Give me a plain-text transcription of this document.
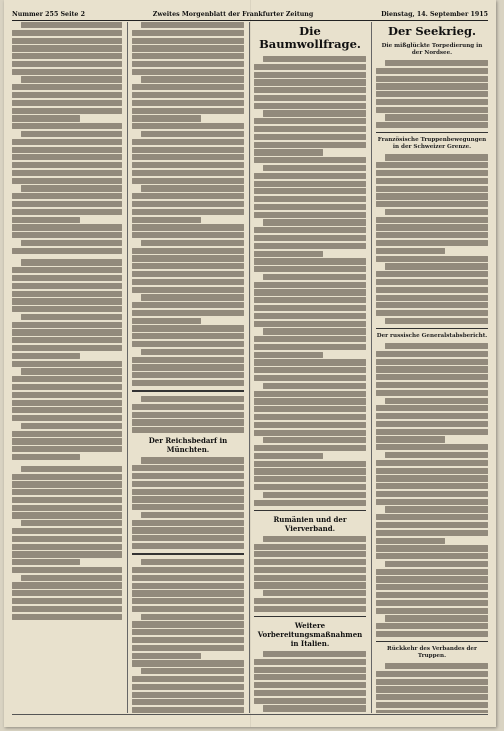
Nummer 255 Seite 2	Zweites Morgenblatt der Frankfurter Zeitung	Dienstag, 14. September 1915
Der Reichsbedarf in Münchten.
Die Baumwollfrage.
Rumänien und der Vierverband.
Weitere Vorbereitungsmaßnahmen in Italien.
Der Seekrieg.
Die mißglückte Torpedierung in der Nordsee.
Französische Truppenbewegungen in der Schweizer Grenze.
Der russische Generalstabsbericht.
Rückkehr des Verbandes der Truppen.
